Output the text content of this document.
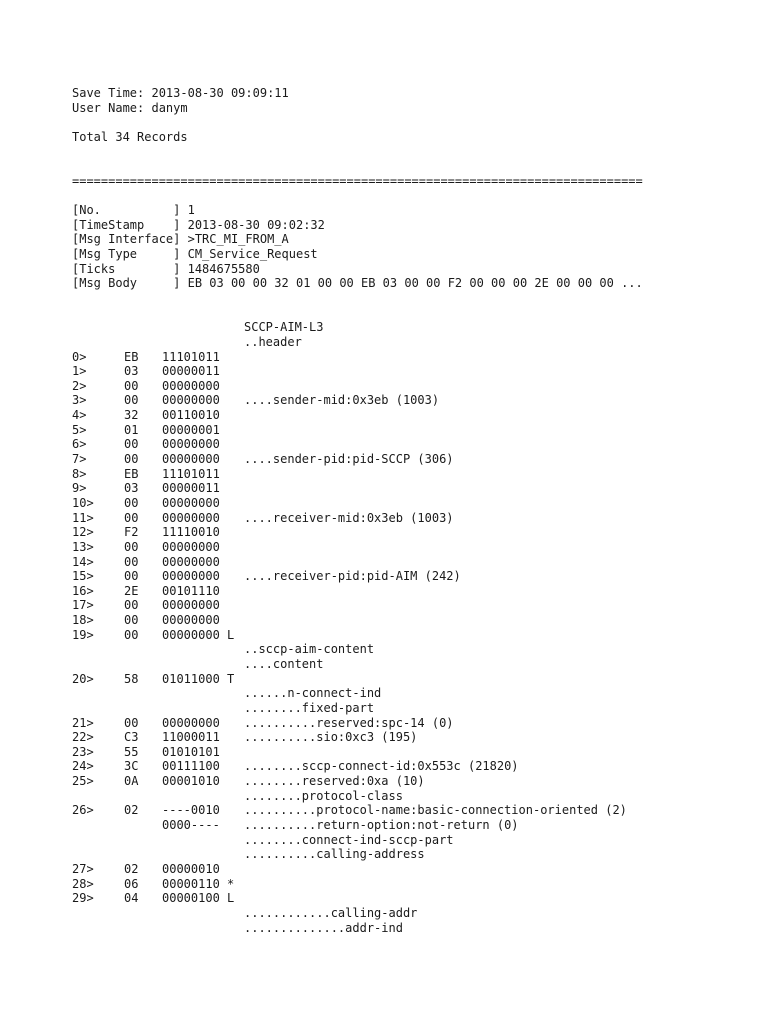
Save Time: 2013-08-30 09:09:11
User Name: danym
Total 34 Records
===============================================================================
[No.          ] 1
[TimeStamp    ] 2013-08-30 09:02:32
[Msg Interface] >TRC_MI_FROM_A
[Msg Type     ] CM_Service_Request
[Ticks        ] 1484675580
[Msg Body     ] EB 03 00 00 32 01 00 00 EB 03 00 00 F2 00 00 00 2E 00 00 00 ...
SCCP-AIM-L3
..header
0>	EB 11101011
1>	03 00000011
2>	00 00000000
3>	00 00000000 ....sender-mid:0x3eb (1003)
4>	32 00110010
5>	01 00000001
6>	00 00000000
7>	00 00000000 ....sender-pid:pid-SCCP (306)
8>	EB 11101011
9>	03 00000011
10>	00 00000000
11>	00 00000000 ....receiver-mid:0x3eb (1003)
12>	F2 11110010
13>	00 00000000
14>	00 00000000
15>	00 00000000 ....receiver-pid:pid-AIM (242)
16>	2E 00101110
17>	00 00000000
18>	00 00000000
19>	00 00000000 L
..sccp-aim-content
....content
20>	58 01011000 T
......n-connect-ind
........fixed-part
21>	00 00000000 ..........reserved:spc-14 (0)
22>	C3 11000011 ..........sio:0xc3 (195)
23>	55 01010101
24>	3C 00111100 ........sccp-connect-id:0x553c (21820)
25>	0A 00001010 ........reserved:0xa (10)
........protocol-class
26>	02 ----0010 ..........protocol-name:basic-connection-oriented (2)
0000---- ..........return-option:not-return (0)
........connect-ind-sccp-part
..........calling-address
27>	02 00000010
28>	06 00000110 *
29>	04 00000100 L
............calling-addr
..............addr-ind
